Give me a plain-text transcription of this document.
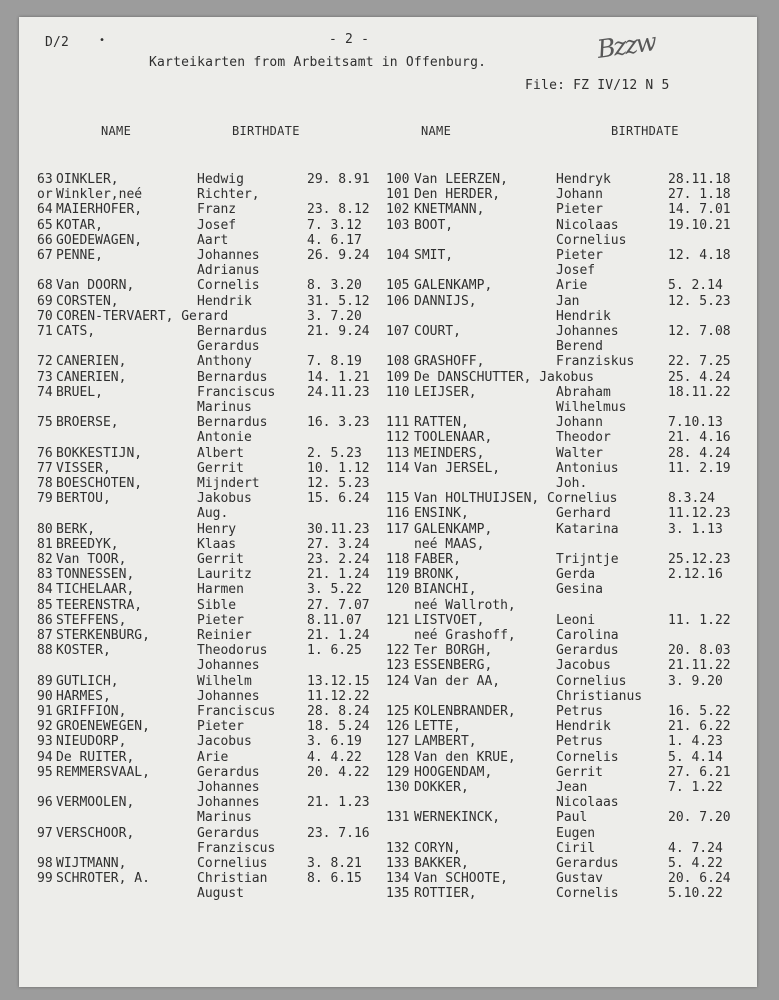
D/2	•	- 2 -
Karteikarten from Arbeitsamt in Offenburg.
File: FZ IV/12 N 5
Bzzw
NAME	BIRTHDATE	NAME	BIRTHDATE
63 OINKLER,	Hedwig	29. 8.91
or Winkler,neé	Richter,
64 MAIERHOFER,	Franz	23. 8.12
65 KOTAR,	Josef	7. 3.12
66 GOEDEWAGEN,	Aart	4. 6.17
67 PENNE,	Johannes	26. 9.24
Adrianus
68 Van DOORN,	Cornelis	8. 3.20
69 CORSTEN,	Hendrik	31. 5.12
70 COREN-TERVAERT, Gerard	3. 7.20
71 CATS,	Bernardus	21. 9.24
Gerardus
72 CANERIEN,	Anthony	7. 8.19
73 CANERIEN,	Bernardus	14. 1.21
74 BRUEL,	Franciscus 24.11.23
Marinus
75 BROERSE,	Bernardus	16. 3.23
Antonie
76 BOKKESTIJN,	Albert	2. 5.23
77 VISSER,	Gerrit	10. 1.12
78 BOESCHOTEN,	Mijndert	12. 5.23
79 BERTOU,	Jakobus	15. 6.24
Aug.
80 BERK,	Henry	30.11.23
81 BREEDYK,	Klaas	27. 3.24
82 Van TOOR,	Gerrit	23. 2.24
83 TONNESSEN,	Lauritz	21. 1.24
84 TICHELAAR,	Harmen	3. 5.22
85 TEERENSTRA,	Sible	27. 7.07
86 STEFFENS,	Pieter	8.11.07
87 STERKENBURG,	Reinier	21. 1.24
88 KOSTER,	Theodorus	1. 6.25
Johannes
89 GUTLICH,	Wilhelm	13.12.15
90 HARMES,	Johannes	11.12.22
91 GRIFFION,	Franciscus 28. 8.24
92 GROENEWEGEN,	Pieter	18. 5.24
93 NIEUDORP,	Jacobus	3. 6.19
94 De RUITER,	Arie	4. 4.22
95 REMMERSVAAL,	Gerardus	20. 4.22
Johannes
96 VERMOOLEN,	Johannes	21. 1.23
Marinus
97 VERSCHOOR,	Gerardus	23. 7.16
Franziscus
98 WIJTMANN,	Cornelius	3. 8.21
99 SCHROTER, A.	Christian	8. 6.15
August
100 Van LEERZEN,	Hendryk	28.11.18
101 Den HERDER,	Johann	27. 1.18
102 KNETMANN,	Pieter	14. 7.01
103 BOOT,	Nicolaas	19.10.21
Cornelius
104 SMIT,	Pieter	12. 4.18
Josef
105 GALENKAMP,	Arie	5. 2.14
106 DANNIJS,	Jan	12. 5.23
Hendrik
107 COURT,	Johannes	12. 7.08
Berend
108 GRASHOFF,	Franziskus	22. 7.25
109 De DANSCHUTTER, Jakobus	25. 4.24
110 LEIJSER,	Abraham	18.11.22
Wilhelmus
111 RATTEN,	Johann	7.10.13
112 TOOLENAAR,	Theodor	21. 4.16
113 MEINDERS,	Walter	28. 4.24
114 Van JERSEL,	Antonius	11. 2.19
Joh.
115 Van HOLTHUIJSEN, Cornelius	8.3.24
116 ENSINK,	Gerhard	11.12.23
117 GALENKAMP,	Katarina	3. 1.13
neé MAAS,
118 FABER,	Trijntje	25.12.23
119 BRONK,	Gerda	2.12.16
120 BIANCHI,	Gesina
neé Wallroth,
121 LISTVOET,	Leoni	11. 1.22
neé Grashoff,	Carolina
122 Ter BORGH,	Gerardus	20. 8.03
123 ESSENBERG,	Jacobus	21.11.22
124 Van der AA,	Cornelius	3. 9.20
Christianus
125 KOLENBRANDER,	Petrus	16. 5.22
126 LETTE,	Hendrik	21. 6.22
127 LAMBERT,	Petrus	1. 4.23
128 Van den KRUE,	Cornelis	5. 4.14
129 HOOGENDAM,	Gerrit	27. 6.21
130 DOKKER,	Jean	7. 1.22
Nicolaas
131 WERNEKINCK,	Paul	20. 7.20
Eugen
132 CORYN,	Ciril	4. 7.24
133 BAKKER,	Gerardus	5. 4.22
134 Van SCHOOTE,	Gustav	20. 6.24
135 ROTTIER,	Cornelis	5.10.22
